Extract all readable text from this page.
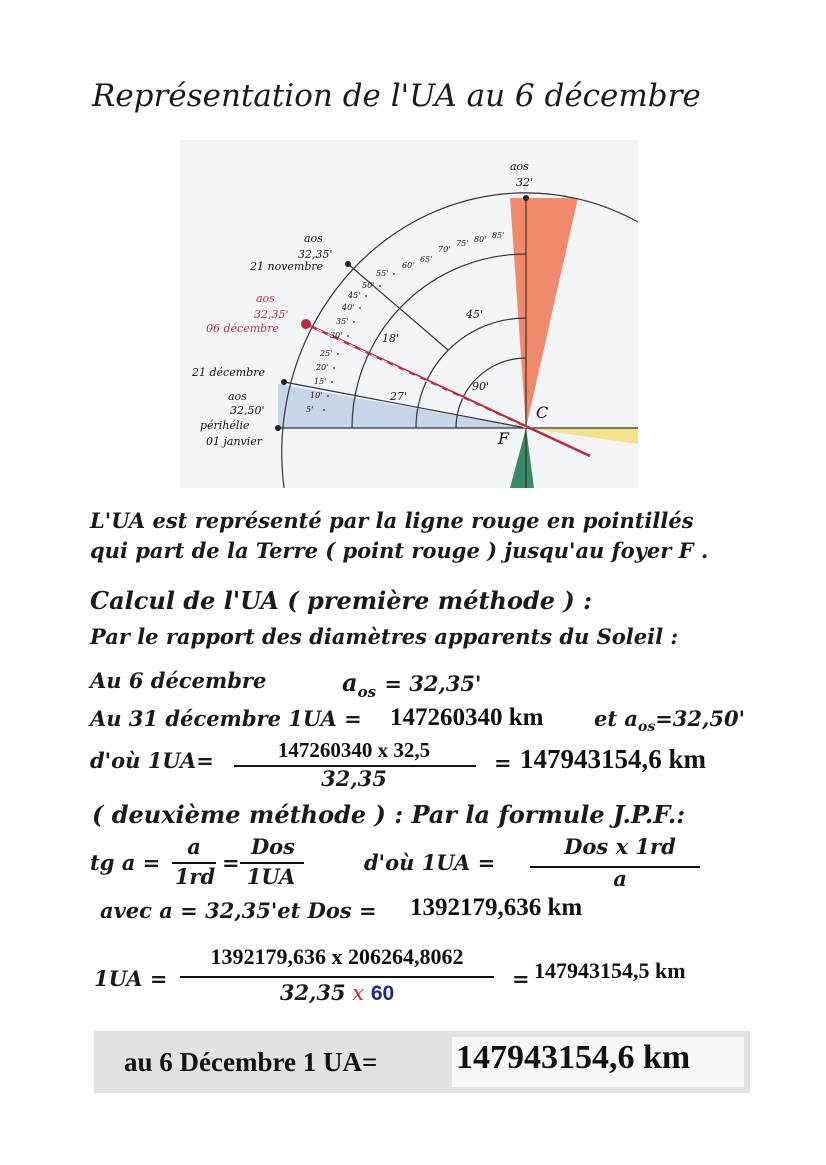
Représentation de l'UA au 6 décembre
aos
32'
aos
32,35'
21 novembre
aos
32,35'
06 décembre
21 décembre
aos
32,50'
périhélie
01 janvier
18'
27'
45'
90'
C
F
5'
10'
15'
20'
25'
30'
35'
40'
45'
50'
55'
60'
65'
70'
75' 80' 85'
L'UA est représenté par la ligne rouge en pointillés
qui part de la Terre ( point rouge ) jusqu'au foyer F .
Calcul de l'UA ( première méthode ) :
Par le rapport des diamètres apparents du Soleil :
Au 6 décembre	$a_{os} = 32,35'$
Au 31 décembre 1UA = 147260340 km et $a_{os}=32,50'$
d'où 1UA=	147260340 x 32,5
32,35
= 147943154,6 km
( deuxième méthode ) : Par la formule J.P.F.:
tg a =
a
1rd
=
Dos
1UA
d'où 1UA =
Dos x 1rd
a
avec a = 32,35'et Dos = 1392179,636 km
1UA =
1392179,636 x 206264,8062
32,35 x 60
= 147943154,5 km
au 6 Décembre 1 UA= 147943154,6 km
